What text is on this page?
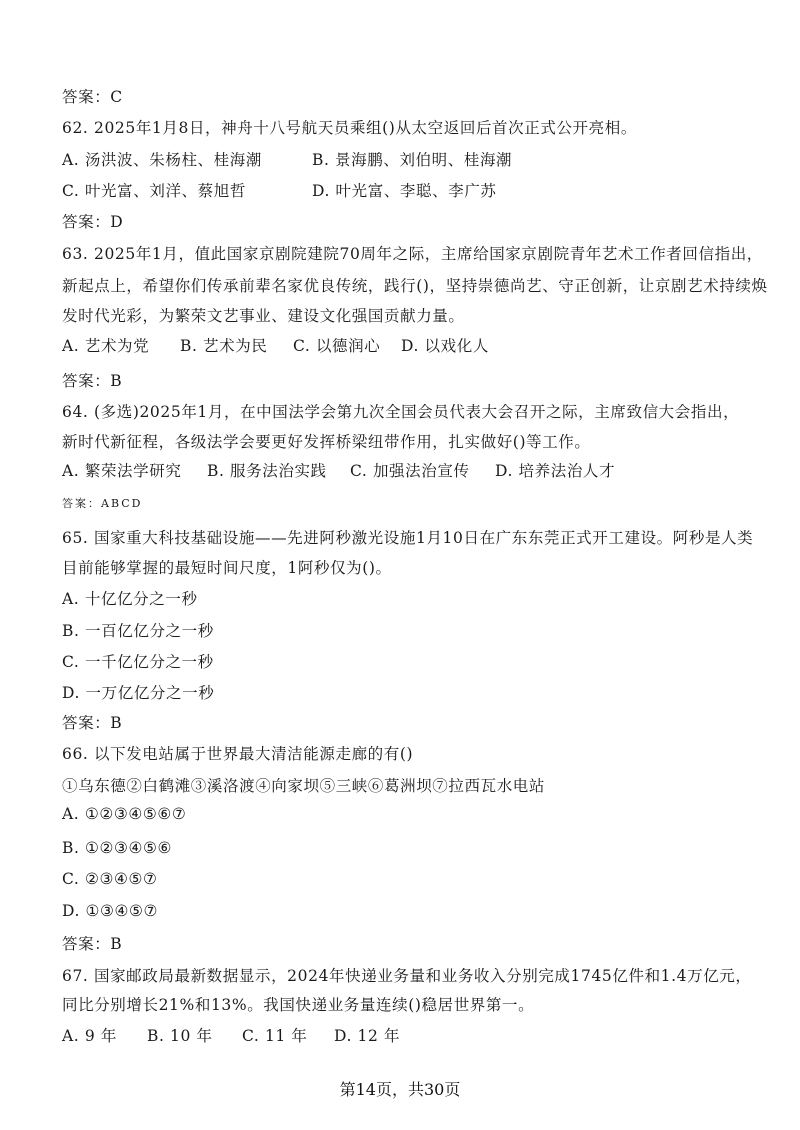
答案：C
62. 2025年1月8日，神舟十八号航天员乘组()从太空返回后首次正式公开亮相。
A. 汤洪波、朱杨柱、桂海潮	B. 景海鹏、刘伯明、桂海潮
C. 叶光富、刘洋、蔡旭哲	D. 叶光富、李聪、李广苏
答案：D
63. 2025年1月，值此国家京剧院建院70周年之际，主席给国家京剧院青年艺术工作者回信指出，
新起点上，希望你们传承前辈名家优良传统，践行()，坚持崇德尚艺、守正创新，让京剧艺术持续焕
发时代光彩，为繁荣文艺事业、建设文化强国贡献力量。
A. 艺术为党 B. 艺术为民 C. 以德润心 D. 以戏化人
答案：B
64. (多选)2025年1月，在中国法学会第九次全国会员代表大会召开之际，主席致信大会指出，
新时代新征程，各级法学会要更好发挥桥梁纽带作用，扎实做好()等工作。
A. 繁荣法学研究 B. 服务法治实践 C. 加强法治宣传 D. 培养法治人才
答案：ABCD
65. 国家重大科技基础设施——先进阿秒激光设施1月10日在广东东莞正式开工建设。阿秒是人类
目前能够掌握的最短时间尺度，1阿秒仅为()。
A. 十亿亿分之一秒
B. 一百亿亿分之一秒
C. 一千亿亿分之一秒
D. 一万亿亿分之一秒
答案：B
66. 以下发电站属于世界最大清洁能源走廊的有()
①乌东德②白鹤滩③溪洛渡④向家坝⑤三峡⑥葛洲坝⑦拉西瓦水电站
A. ①②③④⑤⑥⑦
B. ①②③④⑤⑥
C. ②③④⑤⑦
D. ①③④⑤⑦
答案：B
67. 国家邮政局最新数据显示，2024年快递业务量和业务收入分别完成1745亿件和1.4万亿元，
同比分别增长21%和13%。我国快递业务量连续()稳居世界第一。
A. 9 年 B. 10 年 C. 11 年 D. 12 年
第14页，共30页
